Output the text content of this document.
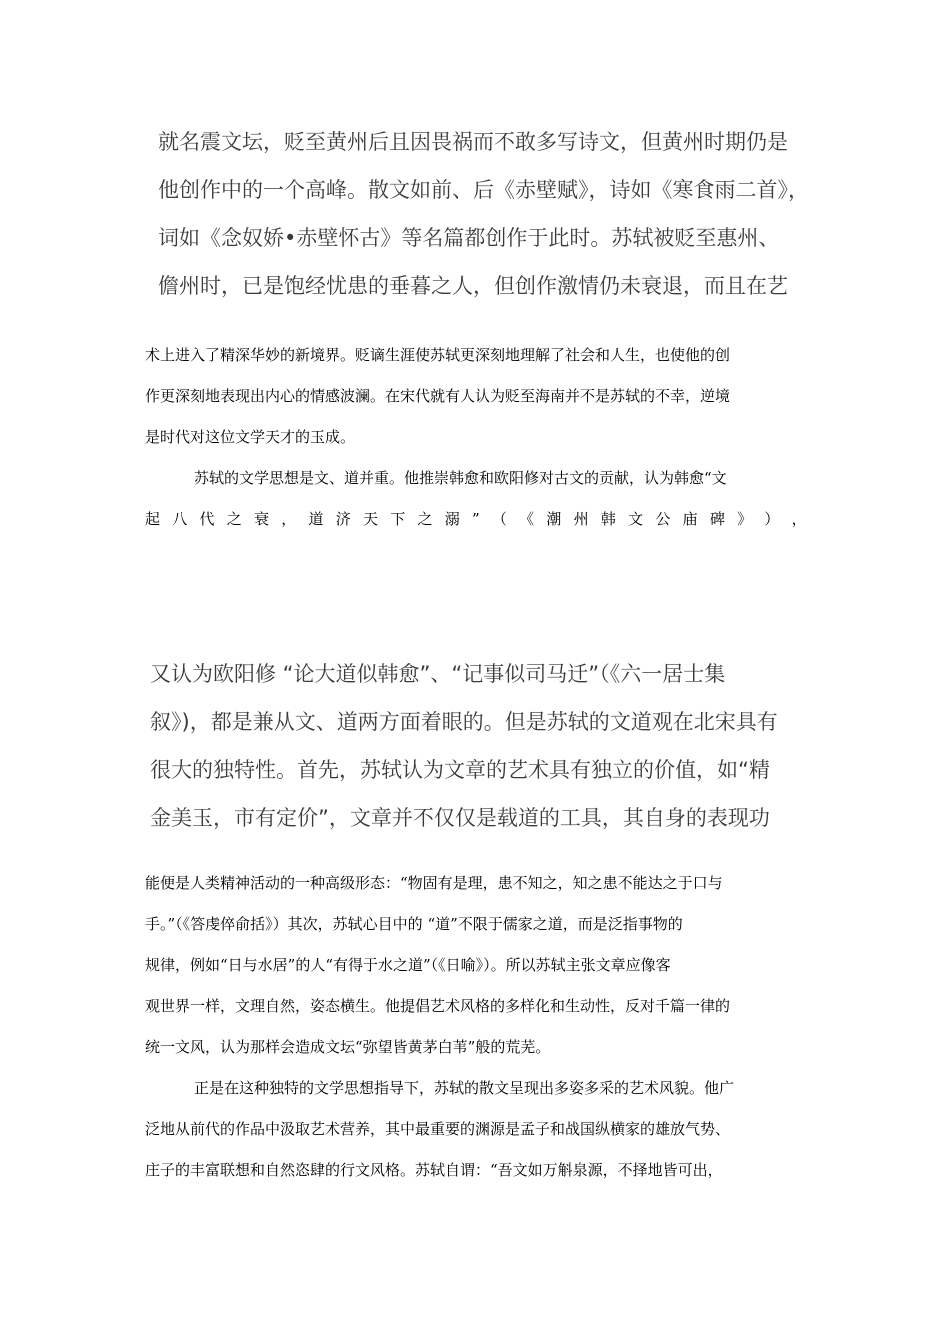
就名震文坛，贬至黄州后且因畏祸而不敢多写诗文，但黄州时期仍是
他创作中的一个高峰。散文如前、后《赤壁赋》，诗如《寒食雨二首》，
词如《念奴娇•赤壁怀古》等名篇都创作于此时。苏轼被贬至惠州、
儋州时，已是饱经忧患的垂暮之人，但创作激情仍未衰退，而且在艺
术上进入了精深华妙的新境界。贬谪生涯使苏轼更深刻地理解了社会和人生，也使他的创
作更深刻地表现出内心的情感波澜。在宋代就有人认为贬至海南并不是苏轼的不幸，逆境
是时代对这位文学天才的玉成。
苏轼的文学思想是文、道并重。他推崇韩愈和欧阳修对古文的贡献，认为韩愈“文
起 八 代 之 衰 ， 道 济 天 下 之 溺 ” （ 《 潮 州 韩 文 公 庙 碑 》 ） ，
又认为欧阳修 “论大道似韩愈”、“记事似司马迁”（《六一居士集
叙》)，都是兼从文、道两方面着眼的。但是苏轼的文道观在北宋具有
很大的独特性。首先，苏轼认为文章的艺术具有独立的价值，如“精
金美玉，市有定价”，文章并不仅仅是载道的工具，其自身的表现功
能便是人类精神活动的一种高级形态：“物固有是理，患不知之，知之患不能达之于口与
手。”（《答虔倅俞括》）其次，苏轼心目中的 “道”不限于儒家之道，而是泛指事物的
规律，例如“日与水居”的人“有得于水之道”（《日喻》）。所以苏轼主张文章应像客
观世界一样，文理自然，姿态横生。他提倡艺术风格的多样化和生动性，反对千篇一律的
统一文风，认为那样会造成文坛“弥望皆黄茅白苇”般的荒芜。
正是在这种独特的文学思想指导下，苏轼的散文呈现出多姿多采的艺术风貌。他广
泛地从前代的作品中汲取艺术营养，其中最重要的渊源是孟子和战国纵横家的雄放气势、
庄子的丰富联想和自然恣肆的行文风格。苏轼自谓：“吾文如万斛泉源，不择地皆可出，
